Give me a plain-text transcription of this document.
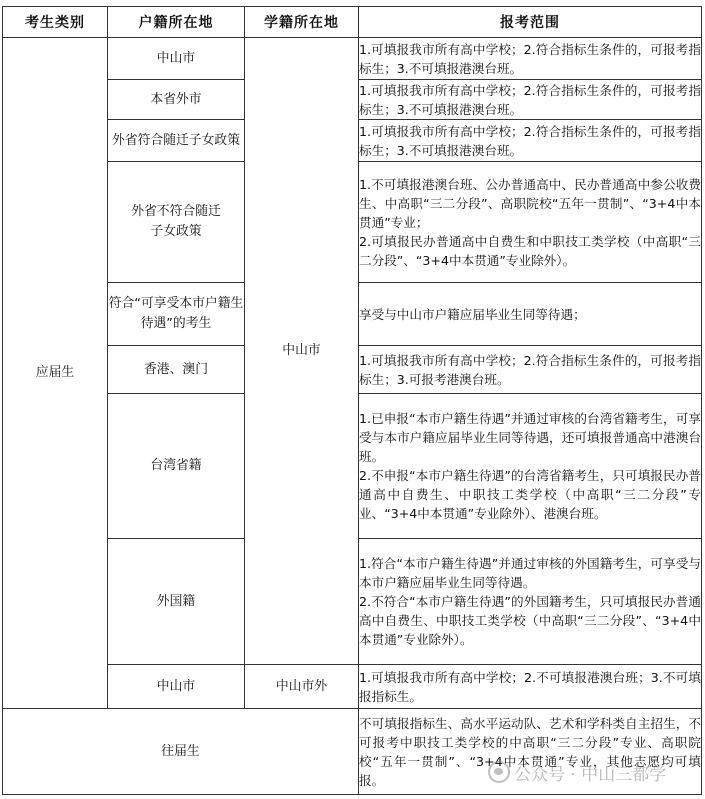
考生类别	户籍所在地	学籍所在地	报考范围
应届生	中山市	中山市	1.可填报我市所有高中学校；2.符合指标生条件的，可报考指标生；3.不可填报港澳台班。

	本省外市		1.可填报我市所有高中学校；2.符合指标生条件的，可报考指标生；3.不可填报港澳台班。

	外省符合随迁子女政策		1.可填报我市所有高中学校；2.符合指标生条件的，可报考指标生；3.不可填报港澳台班。

	外省不符合随迁子女政策		1.不可填报港澳台班、公办普通高中、民办普通高中参公收费生、中高职“三二分段”、高职院校“五年一贯制”、“3+4中本贯通”专业；

2.可填报民办普通高中自费生和中职技工类学校（中高职“三二分段”、“3+4中本贯通”专业除外）。

	符合“可享受本市户籍生待遇”的考生		享受与中山市户籍应届毕业生同等待遇；

	香港、澳门		1.可填报我市所有高中学校；2.符合指标生条件的，可报考指标生；3.可报考港澳台班。

	台湾省籍		1.已申报“本市户籍生待遇”并通过审核的台湾省籍考生，可享受与本市户籍应届毕业生同等待遇，还可填报普通高中港澳台班。

2.不申报“本市户籍生待遇”的台湾省籍考生，只可填报民办普通高中自费生、中职技工类学校（中高职“三二分段”专业、“3+4中本贯通”专业除外）、港澳台班。

	外国籍		1.符合“本市户籍生待遇”并通过审核的外国籍考生，可享受与本市户籍应届毕业生同等待遇。

2.不符合“本市户籍生待遇”的外国籍考生，只可填报民办普通高中自费生、中职技工类学校（中高职“三二分段”、“3+4中本贯通”专业除外）。

	中山市	中山市外	1.可填报我市所有高中学校；2.不可填报港澳台班；3.不可填报指标生。

往届生			不可填报指标生、高水平运动队、艺术和学科类自主招生，不可报考中职技工类学校的中高职“三二分段”专业、高职院校“五年一贯制”、“3+4中本贯通”专业，其他志愿均可填报。	公众号 · 中山三都学
